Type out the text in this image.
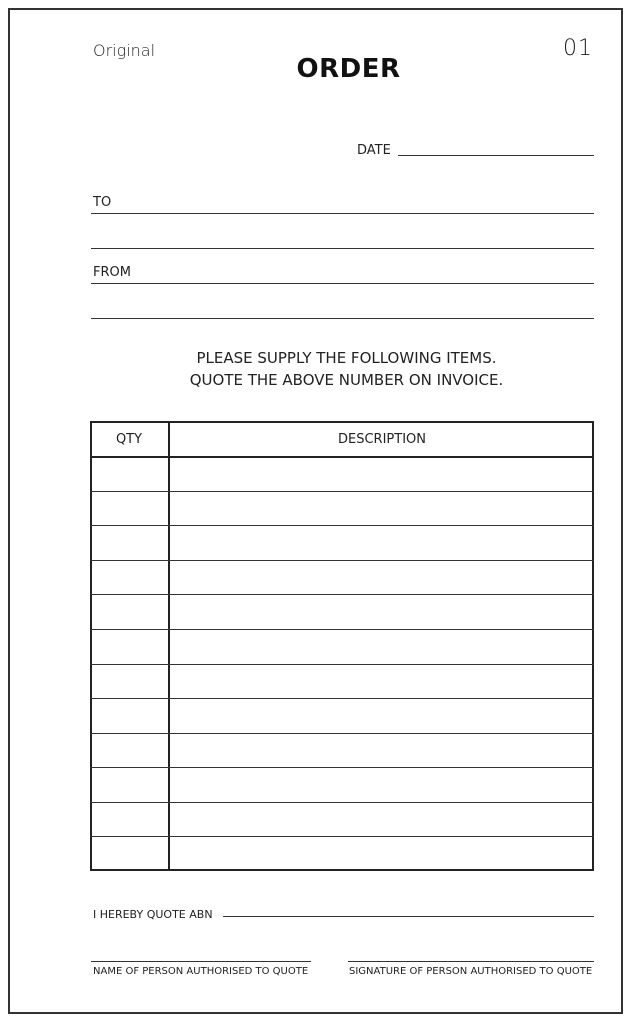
Original	01
ORDER
DATE
TO
FROM
PLEASE SUPPLY THE FOLLOWING ITEMS.
QUOTE THE ABOVE NUMBER ON INVOICE.
QTY	DESCRIPTION
I HEREBY QUOTE ABN
NAME OF PERSON AUTHORISED TO QUOTE	SIGNATURE OF PERSON AUTHORISED TO QUOTE
